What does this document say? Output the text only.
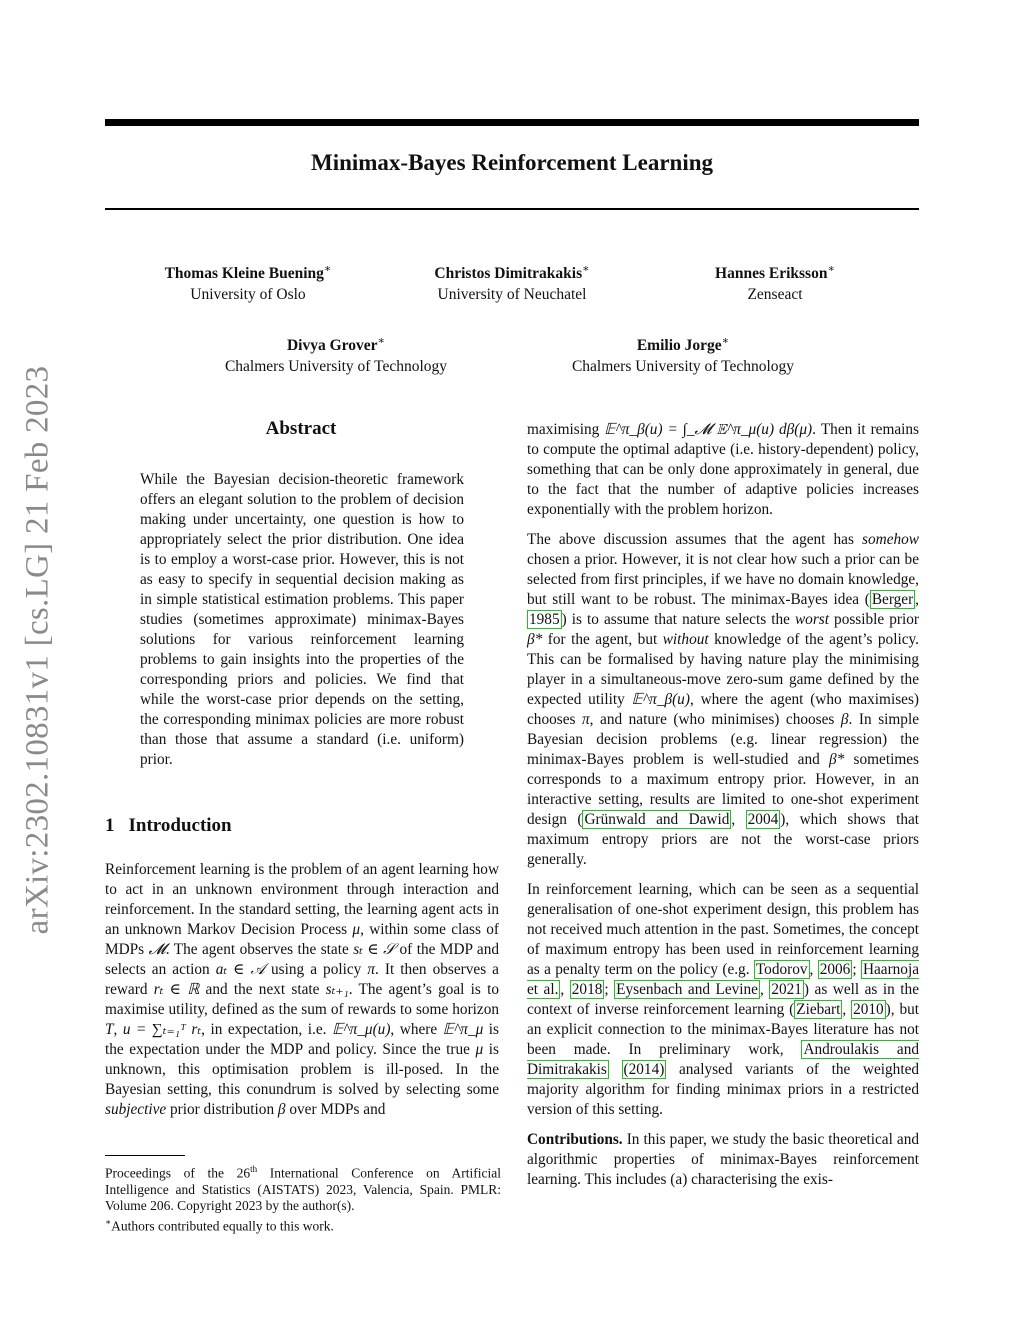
arXiv:2302.10831v1 [cs.LG] 21 Feb 2023
Minimax-Bayes Reinforcement Learning
Thomas Kleine Buening∗
University of Oslo
Christos Dimitrakakis∗
University of Neuchatel
Hannes Eriksson∗
Zenseact
Divya Grover∗
Chalmers University of Technology
Emilio Jorge∗
Chalmers University of Technology
Abstract
While the Bayesian decision-theoretic framework offers an elegant solution to the problem of decision making under uncertainty, one question is how to appropriately select the prior distribution. One idea is to employ a worst-case prior. However, this is not as easy to specify in sequential decision making as in simple statistical estimation problems. This paper studies (sometimes approximate) minimax-Bayes solutions for various reinforcement learning problems to gain insights into the properties of the corresponding priors and policies. We find that while the worst-case prior depends on the setting, the corresponding minimax policies are more robust than those that assume a standard (i.e. uniform) prior.
1 Introduction

Reinforcement learning is the problem of an agent learning how to act in an unknown environment through interaction and reinforcement. In the standard setting, the learning agent acts in an unknown Markov Decision Process μ, within some class of MDPs 𝓜. The agent observes the state sₜ ∈ 𝒮 of the MDP and selects an action aₜ ∈ 𝒜 using a policy π. It then observes a reward rₜ ∈ ℝ and the next state sₜ₊₁. The agent’s goal is to maximise utility, defined as the sum of rewards to some horizon T, u = ∑ₜ₌₁ᵀ rₜ, in expectation, i.e. 𝔼^π_μ(u), where 𝔼^π_μ is the expectation under the MDP and policy. Since the true μ is unknown, this optimisation problem is ill-posed. In the Bayesian setting, this conundrum is solved by selecting some subjective prior distribution β over MDPs and

Proceedings of the 26th International Conference on Artificial Intelligence and Statistics (AISTATS) 2023, Valencia, Spain. PMLR: Volume 206. Copyright 2023 by the author(s).

∗Authors contributed equally to this work.

maximising 𝔼^π_β(u) = ∫_𝓜 𝔼^π_μ(u) dβ(μ). Then it remains to compute the optimal adaptive (i.e. history-dependent) policy, something that can be only done approximately in general, due to the fact that the number of adaptive policies increases exponentially with the problem horizon.

The above discussion assumes that the agent has somehow chosen a prior. However, it is not clear how such a prior can be selected from first principles, if we have no domain knowledge, but still want to be robust. The minimax-Bayes idea ( Berger , 1985 ) is to assume that nature selects the worst possible prior β* for the agent, but without knowledge of the agent’s policy. This can be formalised by having nature play the minimising player in a simultaneous-move zero-sum game defined by the expected utility 𝔼^π_β(u), where the agent (who maximises) chooses π, and nature (who minimises) chooses β. In simple Bayesian decision problems (e.g. linear regression) the minimax-Bayes problem is well-studied and β* sometimes corresponds to a maximum entropy prior. However, in an interactive setting, results are limited to one-shot experiment design ( Grünwald and Dawid , 2004 ), which shows that maximum entropy priors are not the worst-case priors generally.

In reinforcement learning, which can be seen as a sequential generalisation of one-shot experiment design, this problem has not received much attention in the past. Sometimes, the concept of maximum entropy has been used in reinforcement learning as a penalty term on the policy (e.g. Todorov , 2006 ; Haarnoja et al. , 2018 ; Eysenbach and Levine , 2021 ) as well as in the context of inverse reinforcement learning ( Ziebart , 2010 ), but an explicit connection to the minimax-Bayes literature has not been made. In preliminary work, Androulakis and Dimitrakakis (2014) analysed variants of the weighted majority algorithm for finding minimax priors in a restricted version of this setting.

Contributions. In this paper, we study the basic theoretical and algorithmic properties of minimax-Bayes reinforcement learning. This includes (a) characterising the exis-
